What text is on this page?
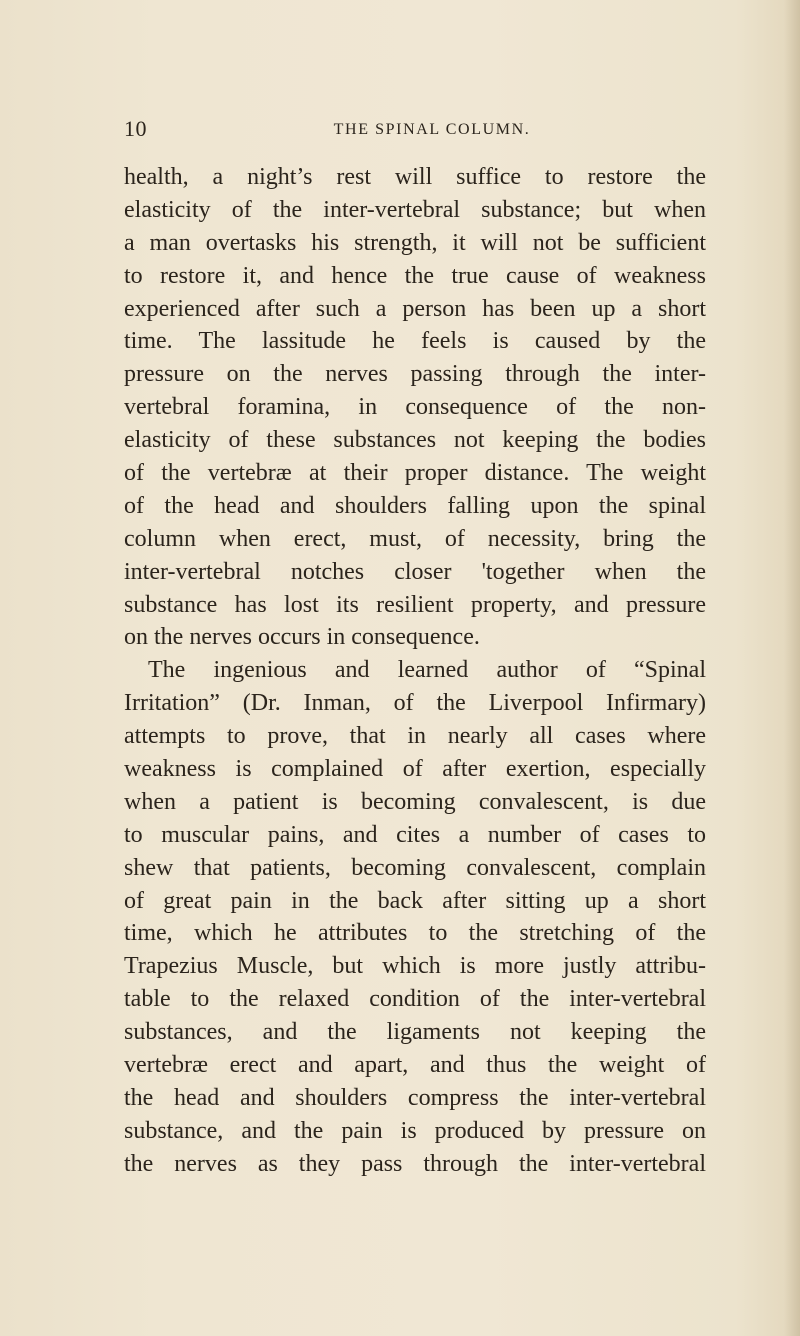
10	THE SPINAL COLUMN.
health, a night’s rest will suffice to restore the
elasticity of the inter-vertebral substance; but when
a man overtasks his strength, it will not be sufficient
to restore it, and hence the true cause of weakness
experienced after such a person has been up a short
time. The lassitude he feels is caused by the
pressure on the nerves passing through the inter-
vertebral foramina, in consequence of the non-
elasticity of these substances not keeping the bodies
of the vertebræ at their proper distance. The weight
of the head and shoulders falling upon the spinal
column when erect, must, of necessity, bring the
inter-vertebral notches closer 'together when the
substance has lost its resilient property, and pressure
on the nerves occurs in consequence.
The ingenious and learned author of “Spinal
Irritation” (Dr. Inman, of the Liverpool Infirmary)
attempts to prove, that in nearly all cases where
weakness is complained of after exertion, especially
when a patient is becoming convalescent, is due
to muscular pains, and cites a number of cases to
shew that patients, becoming convalescent, complain
of great pain in the back after sitting up a short
time, which he attributes to the stretching of the
Trapezius Muscle, but which is more justly attribu-
table to the relaxed condition of the inter-vertebral
substances, and the ligaments not keeping the
vertebræ erect and apart, and thus the weight of
the head and shoulders compress the inter-vertebral
substance, and the pain is produced by pressure on
the nerves as they pass through the inter-vertebral
